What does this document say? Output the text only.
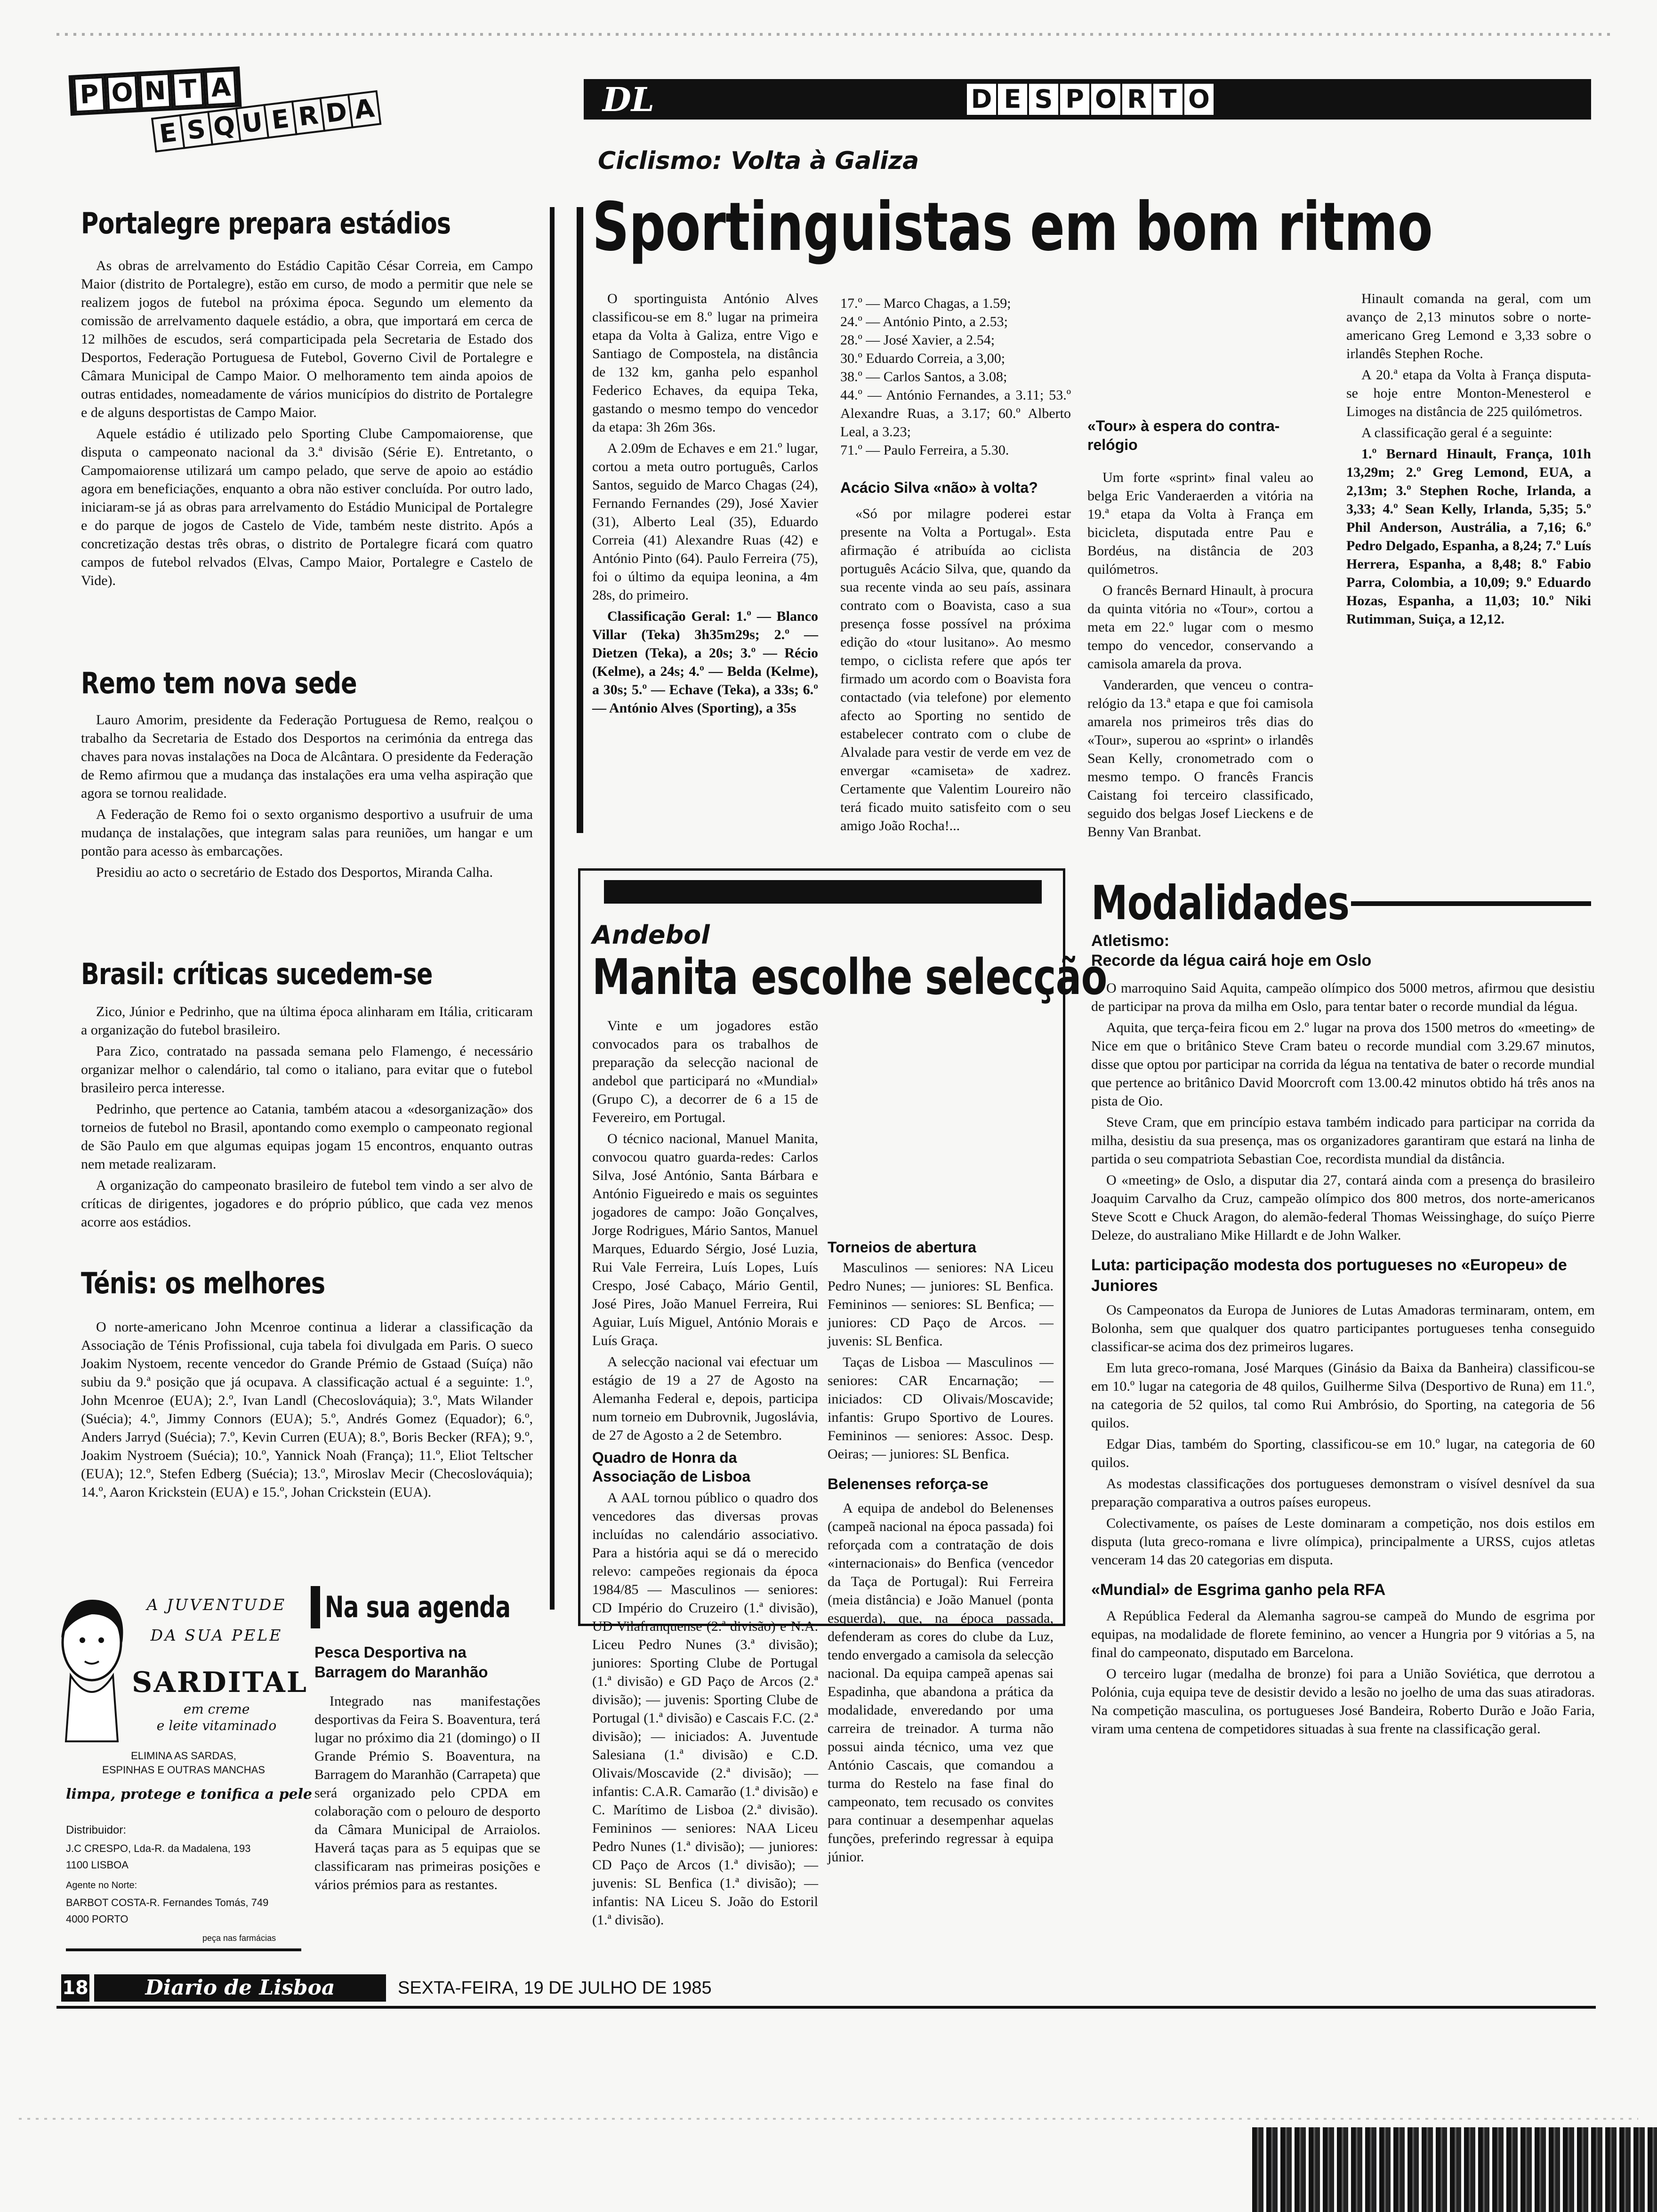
P O N T A
E S Q U E R D A	DL	D E S P O R T O
Portalegre prepara estádios

As obras de arrelvamento do Estádio Capitão César Correia, em Campo Maior (distrito de Portalegre), estão em curso, de modo a permitir que nele se realizem jogos de futebol na próxima época. Segundo um elemento da comissão de arrelvamento daquele estádio, a obra, que importará em cerca de 12 milhões de escudos, será comparticipada pela Secretaria de Estado dos Desportos, Federação Portuguesa de Futebol, Governo Civil de Portalegre e Câmara Municipal de Campo Maior. O melhoramento tem ainda apoios de outras entidades, nomeadamente de vários municípios do distrito de Portalegre e de alguns desportistas de Campo Maior.

Aquele estádio é utilizado pelo Sporting Clube Campomaiorense, que disputa o campeonato nacional da 3.ª divisão (Série E). Entretanto, o Campomaiorense utilizará um campo pelado, que serve de apoio ao estádio agora em beneficiações, enquanto a obra não estiver concluída. Por outro lado, iniciaram-se já as obras para arrelvamento do Estádio Municipal de Portalegre e do parque de jogos de Castelo de Vide, também neste distrito. Após a concretização destas três obras, o distrito de Portalegre ficará com quatro campos de futebol relvados (Elvas, Campo Maior, Portalegre e Castelo de Vide).

Remo tem nova sede

Lauro Amorim, presidente da Federação Portuguesa de Remo, realçou o trabalho da Secretaria de Estado dos Desportos na cerimónia da entrega das chaves para novas instalações na Doca de Alcântara. O presidente da Federação de Remo afirmou que a mudança das instalações era uma velha aspiração que agora se tornou realidade.

A Federação de Remo foi o sexto organismo desportivo a usufruir de uma mudança de instalações, que integram salas para reuniões, um hangar e um pontão para acesso às embarcações.

Presidiu ao acto o secretário de Estado dos Desportos, Miranda Calha.

Brasil: críticas sucedem-se

Zico, Júnior e Pedrinho, que na última época alinharam em Itália, criticaram a organização do futebol brasileiro.

Para Zico, contratado na passada semana pelo Flamengo, é necessário organizar melhor o calendário, tal como o italiano, para evitar que o futebol brasileiro perca interesse.

Pedrinho, que pertence ao Catania, também atacou a «desorganização» dos torneios de futebol no Brasil, apontando como exemplo o campeonato regional de São Paulo em que algumas equipas jogam 15 encontros, enquanto outras nem metade realizaram.

A organização do campeonato brasileiro de futebol tem vindo a ser alvo de críticas de dirigentes, jogadores e do próprio público, que cada vez menos acorre aos estádios.

Ténis: os melhores

O norte-americano John Mcenroe continua a liderar a classificação da Associação de Ténis Profissional, cuja tabela foi divulgada em Paris. O sueco Joakim Nystoem, recente vencedor do Grande Prémio de Gstaad (Suíça) não subiu da 9.ª posição que já ocupava. A classificação actual é a seguinte: 1.º, John Mcenroe (EUA); 2.º, Ivan Landl (Checoslováquia); 3.º, Mats Wilander (Suécia); 4.º, Jimmy Connors (EUA); 5.º, Andrés Gomez (Equador); 6.º, Anders Jarryd (Suécia); 7.º, Kevin Curren (EUA); 8.º, Boris Becker (RFA); 9.º, Joakim Nystroem (Suécia); 10.º, Yannick Noah (França); 11.º, Eliot Teltscher (EUA); 12.º, Stefen Edberg (Suécia); 13.º, Miroslav Mecir (Checoslováquia); 14.º, Aaron Krickstein (EUA) e 15.º, Johan Crickstein (EUA).

A JUVENTUDE
DA SUA PELE
SARDITAL
em creme
e leite vitaminado
ELIMINA AS SARDAS,
ESPINHAS E OUTRAS MANCHAS
limpa, protege e tonifica a pele
Distribuidor:
J.C CRESPO, Lda-R. da Madalena, 193
1100 LISBOA
Agente no Norte:
BARBOT COSTA-R. Fernandes Tomás, 749
4000 PORTO
peça nas farmácias
Na sua agenda
Pesca Desportiva na Barragem do Maranhão

Integrado nas manifestações desportivas da Feira S. Boaventura, terá lugar no próximo dia 21 (domingo) o II Grande Prémio S. Boaventura, na Barragem do Maranhão (Carrapeta) que será organizado pelo CPDA em colaboração com o pelouro de desporto da Câmara Municipal de Arraiolos. Haverá taças para as 5 equipas que se classificaram nas primeiras posições e vários prémios para as restantes.

Ciclismo: Volta à Galiza
Sportinguistas em bom ritmo

O sportinguista António Alves classificou-se em 8.º lugar na primeira etapa da Volta à Galiza, entre Vigo e Santiago de Compostela, na distância de 132 km, ganha pelo espanhol Federico Echaves, da equipa Teka, gastando o mesmo tempo do vencedor da etapa: 3h 26m 36s.

A 2.09m de Echaves e em 21.º lugar, cortou a meta outro português, Carlos Santos, seguido de Marco Chagas (24), Fernando Fernandes (29), José Xavier (31), Alberto Leal (35), Eduardo Correia (41) Alexandre Ruas (42) e António Pinto (64). Paulo Ferreira (75), foi o último da equipa leonina, a 4m 28s, do primeiro.

Classificação Geral: 1.º — Blanco Villar (Teka) 3h35m29s; 2.º — Dietzen (Teka), a 20s; 3.º — Récio (Kelme), a 24s; 4.º — Belda (Kelme), a 30s; 5.º — Echave (Teka), a 33s; 6.º — António Alves (Sporting), a 35s

17.º — Marco Chagas, a 1.59;
24.º — António Pinto, a 2.53;
28.º — José Xavier, a 2.54;
30.º Eduardo Correia, a 3,00;
38.º — Carlos Santos, a 3.08;
44.º — António Fernandes, a 3.11; 53.º Alexandre Ruas, a 3.17; 60.º Alberto Leal, a 3.23;
71.º — Paulo Ferreira, a 5.30.
Acácio Silva «não» à volta?

«Só por milagre poderei estar presente na Volta a Portugal». Esta afirmação é atribuída ao ciclista português Acácio Silva, que, quando da sua recente vinda ao seu país, assinara contrato com o Boavista, caso a sua presença fosse possível na próxima edição do «tour lusitano». Ao mesmo tempo, o ciclista refere que após ter firmado um acordo com o Boavista fora contactado (via telefone) por elemento afecto ao Sporting no sentido de estabelecer contrato com o clube de Alvalade para vestir de verde em vez de envergar «camiseta» de xadrez. Certamente que Valentim Loureiro não terá ficado muito satisfeito com o seu amigo João Rocha!...

«Tour» à espera do contra-relógio

Um forte «sprint» final valeu ao belga Eric Vanderaerden a vitória na 19.ª etapa da Volta à França em bicicleta, disputada entre Pau e Bordéus, na distância de 203 quilómetros.

O francês Bernard Hinault, à procura da quinta vitória no «Tour», cortou a meta em 22.º lugar com o mesmo tempo do vencedor, conservando a camisola amarela da prova.

Vanderarden, que venceu o contra-relógio da 13.ª etapa e que foi camisola amarela nos primeiros três dias do «Tour», superou ao «sprint» o irlandês Sean Kelly, cronometrado com o mesmo tempo. O francês Francis Caistang foi terceiro classificado, seguido dos belgas Josef Lieckens e de Benny Van Branbat.

Hinault comanda na geral, com um avanço de 2,13 minutos sobre o norte-americano Greg Lemond e 3,33 sobre o irlandês Stephen Roche.

A 20.ª etapa da Volta à França disputa-se hoje entre Monton-Menesterol e Limoges na distância de 225 quilómetros.

A classificação geral é a seguinte:

1.º Bernard Hinault, França, 101h 13,29m; 2.º Greg Lemond, EUA, a 2,13m; 3.º Stephen Roche, Irlanda, a 3,33; 4.º Sean Kelly, Irlanda, 5,35; 5.º Phil Anderson, Austrália, a 7,16; 6.º Pedro Delgado, Espanha, a 8,24; 7.º Luís Herrera, Espanha, a 8,48; 8.º Fabio Parra, Colombia, a 10,09; 9.º Eduardo Hozas, Espanha, a 11,03; 10.º Niki Rutimman, Suiça, a 12,12.

Andebol
Manita escolhe selecção

Vinte e um jogadores estão convocados para os trabalhos de preparação da selecção nacional de andebol que participará no «Mundial» (Grupo C), a decorrer de 6 a 15 de Fevereiro, em Portugal.

O técnico nacional, Manuel Manita, convocou quatro guarda-redes: Carlos Silva, José António, Santa Bárbara e António Figueiredo e mais os seguintes jogadores de campo: João Gonçalves, Jorge Rodrigues, Mário Santos, Manuel Marques, Eduardo Sérgio, José Luzia, Rui Vale Ferreira, Luís Lopes, Luís Crespo, José Cabaço, Mário Gentil, José Pires, João Manuel Ferreira, Rui Aguiar, Luís Miguel, António Morais e Luís Graça.

A selecção nacional vai efectuar um estágio de 19 a 27 de Agosto na Alemanha Federal e, depois, participa num torneio em Dubrovnik, Jugoslávia, de 27 de Agosto a 2 de Setembro.

Quadro de Honra da Associação de Lisboa

A AAL tornou público o quadro dos vencedores das diversas provas incluídas no calendário associativo. Para a história aqui se dá o merecido relevo: campeões regionais da época 1984/85 — Masculinos — seniores: CD Império do Cruzeiro (1.ª divisão), UD Vilafranquense (2.ª divisão) e N.A. Liceu Pedro Nunes (3.ª divisão); juniores: Sporting Clube de Portugal (1.ª divisão) e GD Paço de Arcos (2.ª divisão); — juvenis: Sporting Clube de Portugal (1.ª divisão) e Cascais F.C. (2.ª divisão); — iniciados: A. Juventude Salesiana (1.ª divisão) e C.D. Olivais/Moscavide (2.ª divisão); — infantis: C.A.R. Camarão (1.ª divisão) e C. Marítimo de Lisboa (2.ª divisão). Femininos — seniores: NAA Liceu Pedro Nunes (1.ª divisão); — juniores: CD Paço de Arcos (1.ª divisão); — juvenis: SL Benfica (1.ª divisão); — infantis: NA Liceu S. João do Estoril (1.ª divisão).

Torneios de abertura

Masculinos — seniores: NA Liceu Pedro Nunes; — juniores: SL Benfica. Femininos — seniores: SL Benfica; — juniores: CD Paço de Arcos. — juvenis: SL Benfica.

Taças de Lisboa — Masculinos — seniores: CAR Encarnação; — iniciados: CD Olivais/Moscavide; infantis: Grupo Sportivo de Loures. Femininos — seniores: Assoc. Desp. Oeiras; — juniores: SL Benfica.

Belenenses reforça-se

A equipa de andebol do Belenenses (campeã nacional na época passada) foi reforçada com a contratação de dois «internacionais» do Benfica (vencedor da Taça de Portugal): Rui Ferreira (meia distância) e João Manuel (ponta esquerda), que, na época passada, defenderam as cores do clube da Luz, tendo envergado a camisola da selecção nacional. Da equipa campeã apenas sai Espadinha, que abandona a prática da modalidade, enveredando por uma carreira de treinador. A turma não possui ainda técnico, uma vez que António Cascais, que comandou a turma do Restelo na fase final do campeonato, tem recusado os convites para continuar a desempenhar aquelas funções, preferindo regressar à equipa júnior.

Modalidades
Atletismo:
Recorde da légua cairá hoje em Oslo

O marroquino Said Aquita, campeão olímpico dos 5000 metros, afirmou que desistiu de participar na prova da milha em Oslo, para tentar bater o recorde mundial da légua.

Aquita, que terça-feira ficou em 2.º lugar na prova dos 1500 metros do «meeting» de Nice em que o britânico Steve Cram bateu o recorde mundial com 3.29.67 minutos, disse que optou por participar na corrida da légua na tentativa de bater o recorde mundial que pertence ao britânico David Moorcroft com 13.00.42 minutos obtido há três anos na pista de Oio.

Steve Cram, que em princípio estava também indicado para participar na corrida da milha, desistiu da sua presença, mas os organizadores garantiram que estará na linha de partida o seu compatriota Sebastian Coe, recordista mundial da distância.

O «meeting» de Oslo, a disputar dia 27, contará ainda com a presença do brasileiro Joaquim Carvalho da Cruz, campeão olímpico dos 800 metros, dos norte-americanos Steve Scott e Chuck Aragon, do alemão-federal Thomas Weissinghage, do suíço Pierre Deleze, do australiano Mike Hillardt e de John Walker.

Luta: participação modesta dos portugueses no «Europeu» de Juniores

Os Campeonatos da Europa de Juniores de Lutas Amadoras terminaram, ontem, em Bolonha, sem que qualquer dos quatro participantes portugueses tenha conseguido classificar-se acima dos dez primeiros lugares.

Em luta greco-romana, José Marques (Ginásio da Baixa da Banheira) classificou-se em 10.º lugar na categoria de 48 quilos, Guilherme Silva (Desportivo de Runa) em 11.º, na categoria de 52 quilos, tal como Rui Ambrósio, do Sporting, na categoria de 56 quilos.

Edgar Dias, também do Sporting, classificou-se em 10.º lugar, na categoria de 60 quilos.

As modestas classificações dos portugueses demonstram o visível desnível da sua preparação comparativa a outros países europeus.

Colectivamente, os países de Leste dominaram a competição, nos dois estilos em disputa (luta greco-romana e livre olímpica), principalmente a URSS, cujos atletas venceram 14 das 20 categorias em disputa.

«Mundial» de Esgrima ganho pela RFA

A República Federal da Alemanha sagrou-se campeã do Mundo de esgrima por equipas, na modalidade de florete feminino, ao vencer a Hungria por 9 vitórias a 5, na final do campeonato, disputado em Barcelona.

O terceiro lugar (medalha de bronze) foi para a União Soviética, que derrotou a Polónia, cuja equipa teve de desistir devido a lesão no joelho de uma das suas atiradoras. Na competição masculina, os portugueses José Bandeira, Roberto Durão e João Faria, viram uma centena de competidores situadas à sua frente na classificação geral.

18	Diario de Lisboa	SEXTA-FEIRA, 19 DE JULHO DE 1985
